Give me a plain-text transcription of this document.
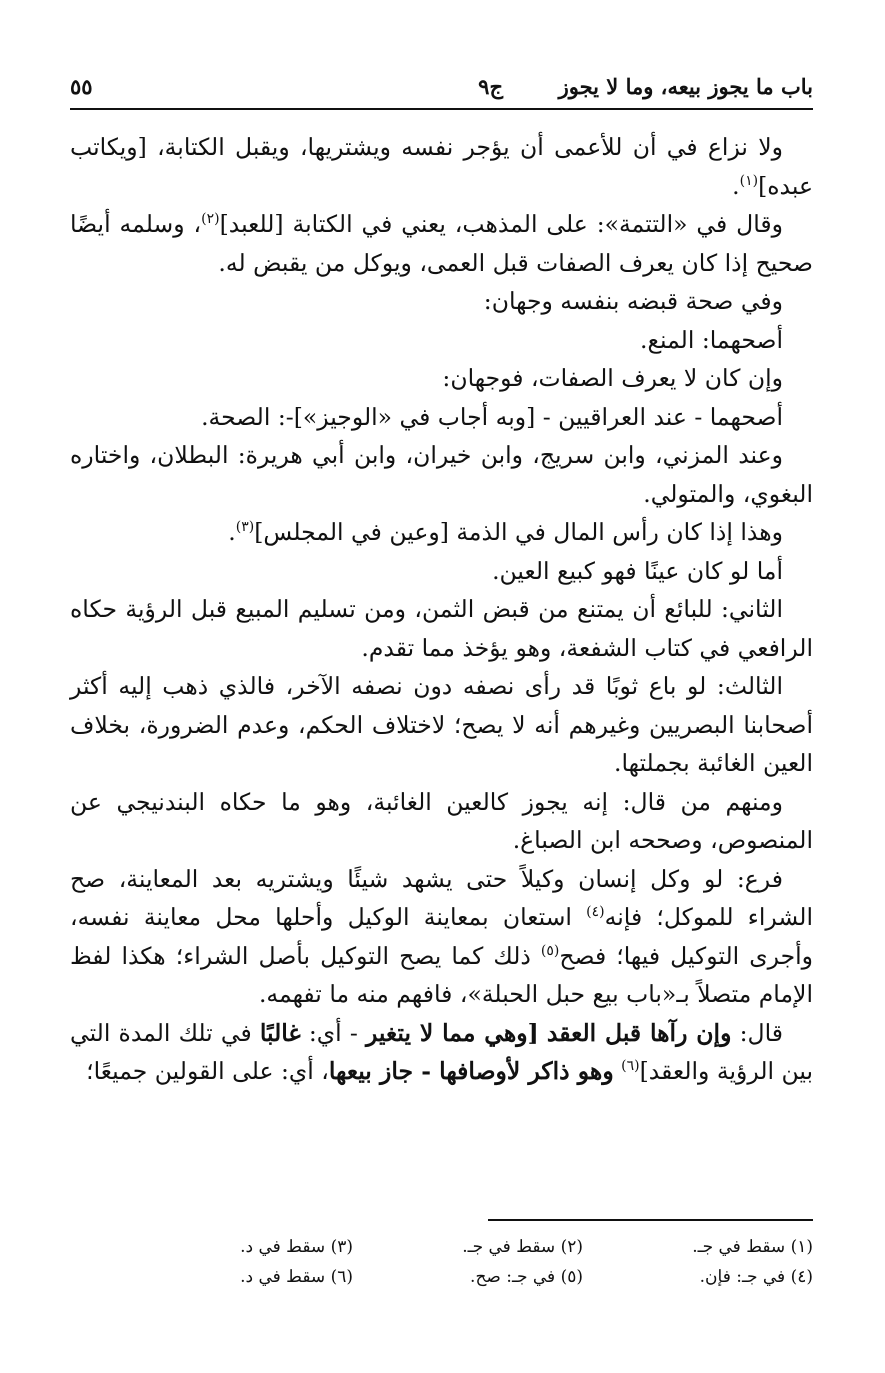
باب ما يجوز بيعه، وما لا يجوز
ج٩
٥٥

ولا نزاع في أن للأعمى أن يؤجر نفسه ويشتريها، ويقبل الكتابة، [ويكاتب عبده]$^{(١)}$.

وقال في «التتمة»: على المذهب، يعني في الكتابة [للعبد]$^{(٢)}$، وسلمه أيضًا صحيح إذا كان يعرف الصفات قبل العمى، ويوكل من يقبض له.

وفي صحة قبضه بنفسه وجهان:

أصحهما: المنع.

وإن كان لا يعرف الصفات، فوجهان:

أصحهما - عند العراقيين - [وبه أجاب في «الوجيز»]-: الصحة.

وعند المزني، وابن سريج، وابن خيران، وابن أبي هريرة: البطلان، واختاره البغوي، والمتولي.

وهذا إذا كان رأس المال في الذمة [وعين في المجلس]$^{(٣)}$.

أما لو كان عينًا فهو كبيع العين.

الثاني: للبائع أن يمتنع من قبض الثمن، ومن تسليم المبيع قبل الرؤية حكاه الرافعي في كتاب الشفعة، وهو يؤخذ مما تقدم.

الثالث: لو باع ثوبًا قد رأى نصفه دون نصفه الآخر، فالذي ذهب إليه أكثر أصحابنا البصريين وغيرهم أنه لا يصح؛ لاختلاف الحكم، وعدم الضرورة، بخلاف العين الغائبة بجملتها.

ومنهم من قال: إنه يجوز كالعين الغائبة، وهو ما حكاه البندنيجي عن المنصوص، وصححه ابن الصباغ.

فرع: لو وكل إنسان وكيلاً حتى يشهد شيئًا ويشتريه بعد المعاينة، صح الشراء للموكل؛ فإنه$^{(٤)}$ استعان بمعاينة الوكيل وأحلها محل معاينة نفسه، وأجرى التوكيل فيها؛ فصح$^{(٥)}$ ذلك كما يصح التوكيل بأصل الشراء؛ هكذا لفظ الإمام متصلاً بـ«باب بيع حبل الحبلة»، فافهم منه ما تفهمه.

قال: وإن رآها قبل العقد [وهي مما لا يتغير - أي: غالبًا في تلك المدة التي بين الرؤية والعقد]$^{(٦)}$ وهو ذاكر لأوصافها - جاز بيعها، أي: على القولين جميعًا؛

(١) سقط في جـ.
(٢) سقط في جـ.
(٣) سقط في د.
(٤) في جـ: فإن.
(٥) في جـ: صح.
(٦) سقط في د.
